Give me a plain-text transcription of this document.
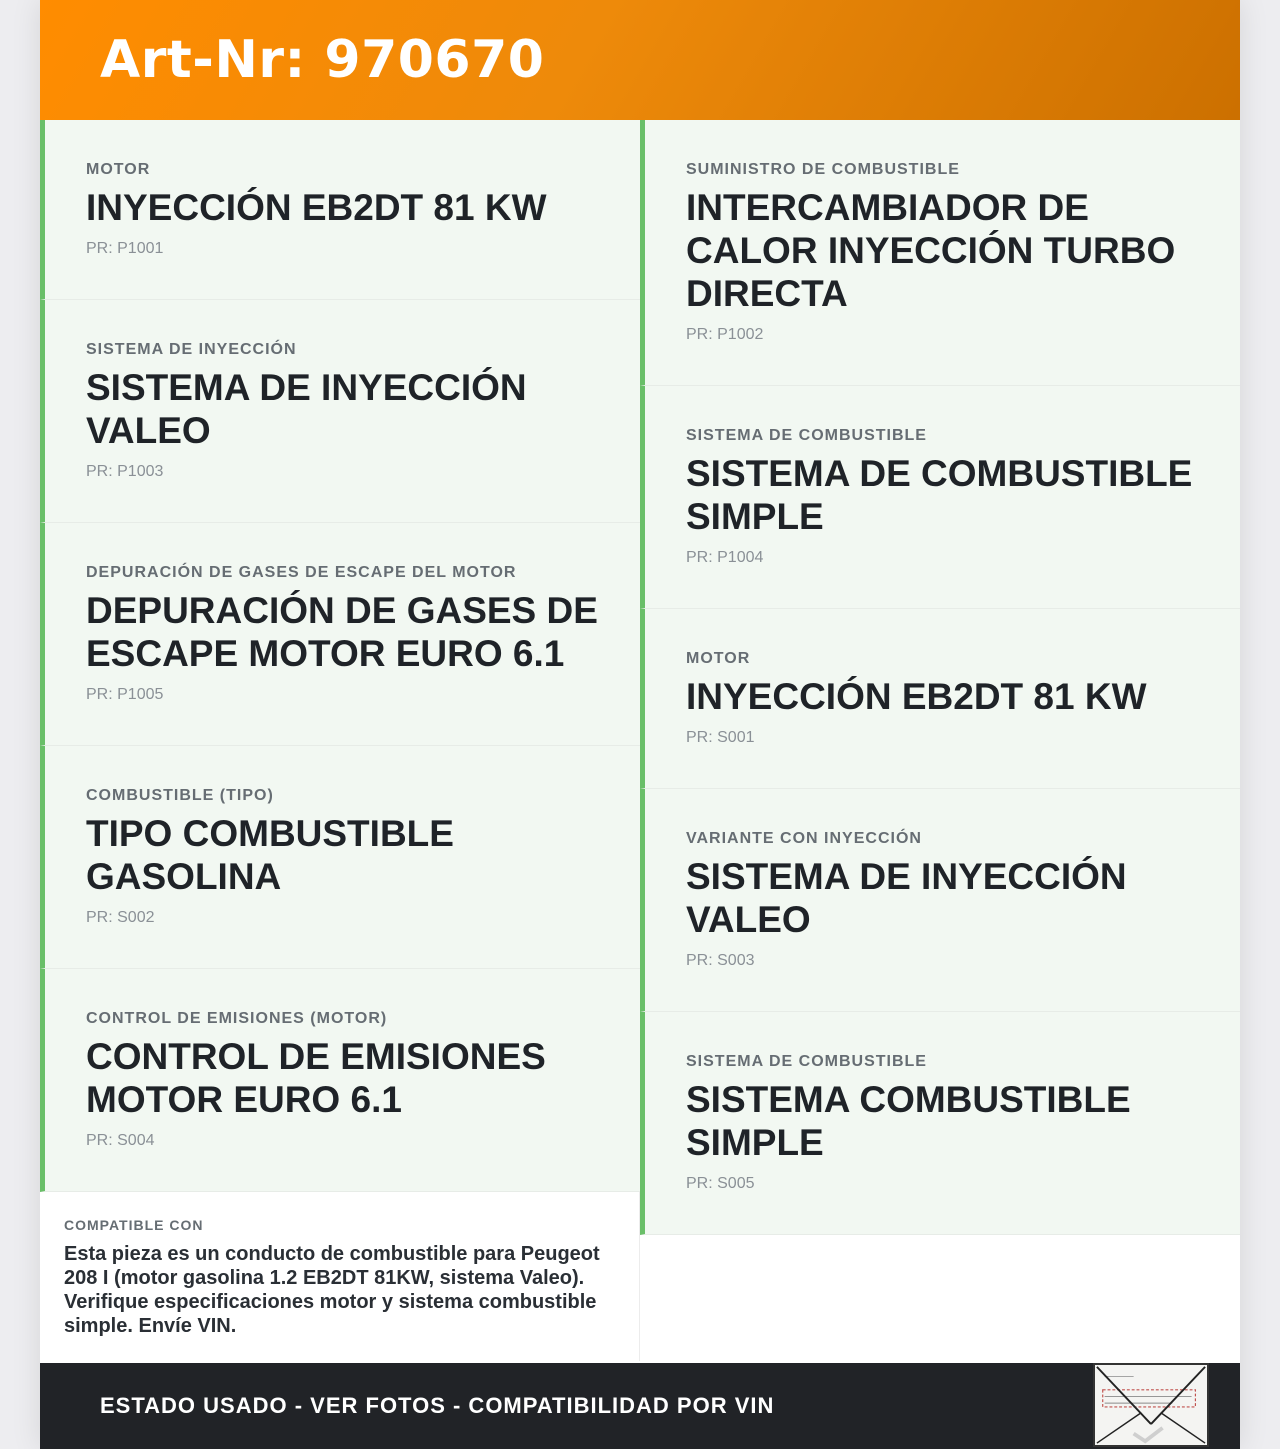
Art-Nr: 970670
MOTOR
INYECCIÓN EB2DT 81 KW
PR: P1001
SISTEMA DE INYECCIÓN
SISTEMA DE INYECCIÓN VALEO
PR: P1003
DEPURACIÓN DE GASES DE ESCAPE DEL MOTOR
DEPURACIÓN DE GASES DE ESCAPE MOTOR EURO 6.1
PR: P1005
COMBUSTIBLE (TIPO)
TIPO COMBUSTIBLE GASOLINA
PR: S002
CONTROL DE EMISIONES (MOTOR)
CONTROL DE EMISIONES MOTOR EURO 6.1
PR: S004
COMPATIBLE CON
Esta pieza es un conducto de combustible para Peugeot 208 I (motor gasolina 1.2 EB2DT 81KW, sistema Valeo). Verifique especificaciones motor y sistema combustible simple. Envíe VIN.
SUMINISTRO DE COMBUSTIBLE
INTERCAMBIADOR DE CALOR INYECCIÓN TURBO DIRECTA
PR: P1002
SISTEMA DE COMBUSTIBLE
SISTEMA DE COMBUSTIBLE SIMPLE
PR: P1004
MOTOR
INYECCIÓN EB2DT 81 KW
PR: S001
VARIANTE CON INYECCIÓN
SISTEMA DE INYECCIÓN VALEO
PR: S003
SISTEMA DE COMBUSTIBLE
SISTEMA COMBUSTIBLE SIMPLE
PR: S005
ESTADO USADO - VER FOTOS - COMPATIBILIDAD POR VIN
